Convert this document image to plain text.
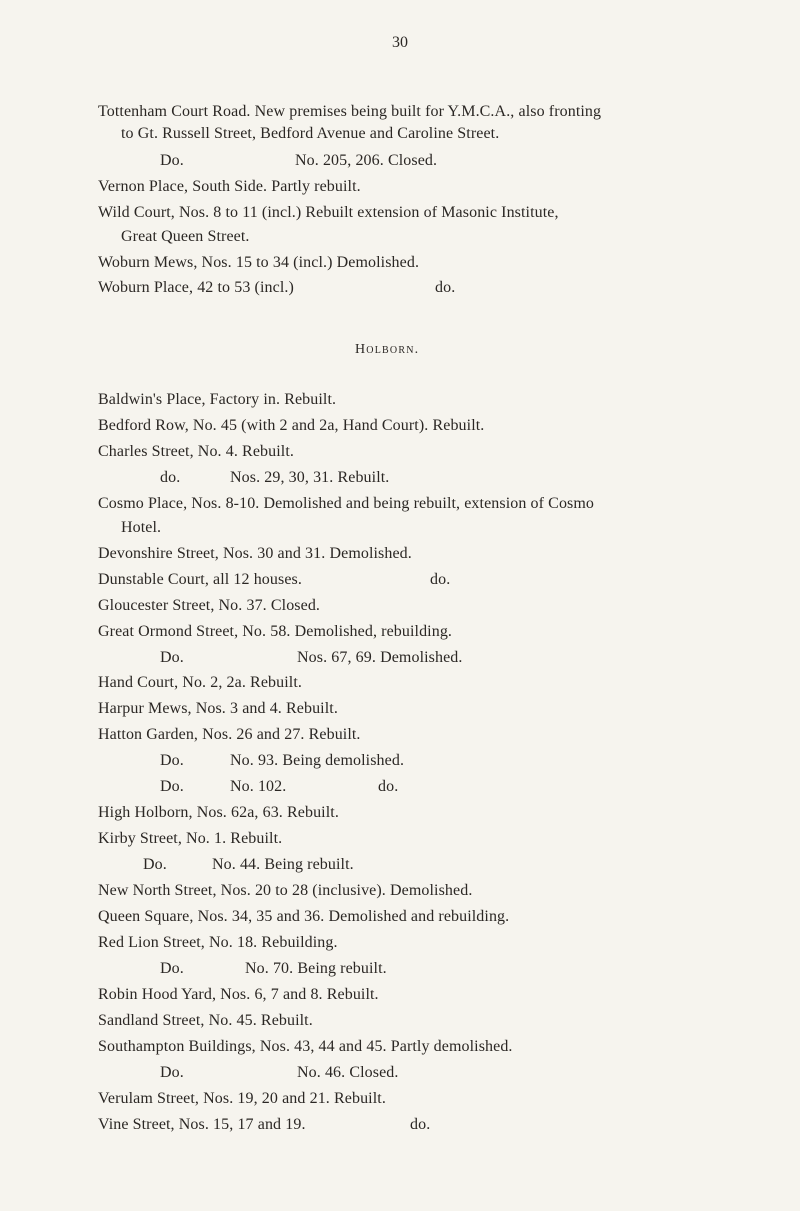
30
Tottenham Court Road. New premises being built for Y.M.C.A., also fronting
to Gt. Russell Street, Bedford Avenue and Caroline Street.
Do.	No. 205, 206. Closed.
Vernon Place, South Side. Partly rebuilt.
Wild Court, Nos. 8 to 11 (incl.) Rebuilt extension of Masonic Institute,
Great Queen Street.
Woburn Mews, Nos. 15 to 34 (incl.) Demolished.
Woburn Place, 42 to 53 (incl.)	do.
Holborn.
Baldwin's Place, Factory in. Rebuilt.
Bedford Row, No. 45 (with 2 and 2a, Hand Court). Rebuilt.
Charles Street, No. 4. Rebuilt.
do.	Nos. 29, 30, 31. Rebuilt.
Cosmo Place, Nos. 8-10. Demolished and being rebuilt, extension of Cosmo
Hotel.
Devonshire Street, Nos. 30 and 31. Demolished.
Dunstable Court, all 12 houses.	do.
Gloucester Street, No. 37. Closed.
Great Ormond Street, No. 58. Demolished, rebuilding.
Do.	Nos. 67, 69. Demolished.
Hand Court, No. 2, 2a. Rebuilt.
Harpur Mews, Nos. 3 and 4. Rebuilt.
Hatton Garden, Nos. 26 and 27. Rebuilt.
Do.	No. 93. Being demolished.
Do.	No. 102.	do.
High Holborn, Nos. 62a, 63. Rebuilt.
Kirby Street, No. 1. Rebuilt.
Do.	No. 44. Being rebuilt.
New North Street, Nos. 20 to 28 (inclusive). Demolished.
Queen Square, Nos. 34, 35 and 36. Demolished and rebuilding.
Red Lion Street, No. 18. Rebuilding.
Do.	No. 70. Being rebuilt.
Robin Hood Yard, Nos. 6, 7 and 8. Rebuilt.
Sandland Street, No. 45. Rebuilt.
Southampton Buildings, Nos. 43, 44 and 45. Partly demolished.
Do.	No. 46. Closed.
Verulam Street, Nos. 19, 20 and 21. Rebuilt.
Vine Street, Nos. 15, 17 and 19.	do.
